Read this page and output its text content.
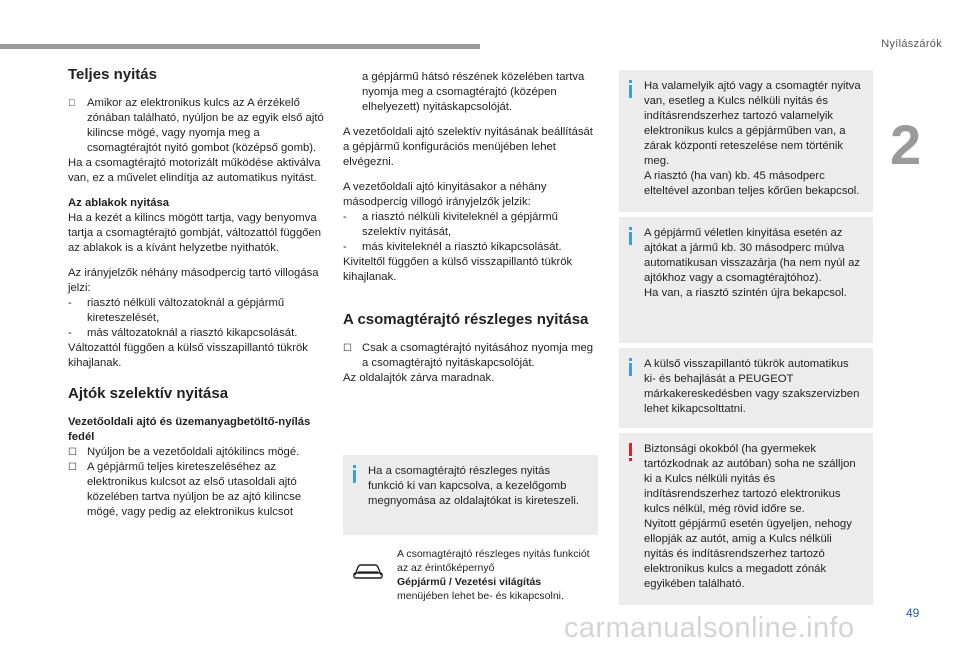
Nyílászárók
2
Teljes nyitás
Amikor az elektronikus kulcs az A érzékelő zónában található, nyúljon be az egyik első ajtó kilincse mögé, vagy nyomja meg a csomagtérajtót nyitó gombot (középső gomb).
Ha a csomagtérajtó motorizált működése aktiválva van, ez a művelet elindítja az automatikus nyitást.
Az ablakok nyitása
Ha a kezét a kilincs mögött tartja, vagy benyomva tartja a csomagtérajtó gombját, változattól függően az ablakok is a kívánt helyzetbe nyithatók.
Az irányjelzők néhány másodpercig tartó villogása jelzi:
- riasztó nélküli változatoknál a gépjármű kireteszelését,
- más változatoknál a riasztó kikapcsolását.
Változattól függően a külső visszapillantó tükrök kihajlanak.
Ajtók szelektív nyitása
Vezetőoldali ajtó és üzemanyagbetöltő-nyílás fedél
☐ Nyúljon be a vezetőoldali ajtókilincs mögé.
☐ A gépjármű teljes kireteszeléséhez az elektronikus kulcsot az első utasoldali ajtó közelében tartva nyúljon be az ajtó kilincse mögé, vagy pedig az elektronikus kulcsot
a gépjármű hátsó részének közelében tartva nyomja meg a csomagtérajtó (középen elhelyezett) nyitáskapcsolóját.
A vezetőoldali ajtó szelektív nyitásának beállítását a gépjármű konfigurációs menüjében lehet elvégezni.
A vezetőoldali ajtó kinyitásakor a néhány másodpercig villogó irányjelzők jelzik:
- a riasztó nélküli kiviteleknél a gépjármű szelektív nyitását,
- más kiviteleknél a riasztó kikapcsolását.
Kiviteltől függően a külső visszapillantó tükrök kihajlanak.
A csomagtérajtó részleges nyitása
☐ Csak a csomagtérajtó nyitásához nyomja meg a csomagtérajtó nyitáskapcsolóját.
Az oldalajtók zárva maradnak.
Ha a csomagtérajtó részleges nyitás funkció ki van kapcsolva, a kezelőgomb megnyomása az oldalajtókat is kireteszeli.
A csomagtérajtó részleges nyitás funkciót az az érintőképernyő
Gépjármű / Vezetési világítás
menüjében lehet be- és kikapcsolni.
Ha valamelyik ajtó vagy a csomagtér nyitva van, esetleg a Kulcs nélküli nyitás és indításrendszerhez tartozó valamelyik elektronikus kulcs a gépjárműben van, a zárak központi reteszelése nem történik meg.
A riasztó (ha van) kb. 45 másodperc elteltével azonban teljes kőrűen bekapcsol.
A gépjármű véletlen kinyitása esetén az ajtókat a jármű kb. 30 másodperc múlva automatikusan visszazárja (ha nem nyúl az ajtókhoz vagy a csomagtérajtóhoz).
Ha van, a riasztó szintén újra bekapcsol.
A külső visszapillantó tükrök automatikus ki- és behajlását a PEUGEOT márkakereskedésben vagy szakszervizben lehet kikapcsolttatni.
Biztonsági okokból (ha gyermekek tartózkodnak az autóban) soha ne szálljon ki a Kulcs nélküli nyitás és indításrendszerhez tartozó elektronikus kulcs nélkül, még rövid időre se.
Nyitott gépjármű esetén ügyeljen, nehogy ellopják az autót, amig a Kulcs nélküli nyitás és indításrendszerhez tartozó elektronikus kulcs a megadott zónák egyikében található.
49
carmanualsonline.info
